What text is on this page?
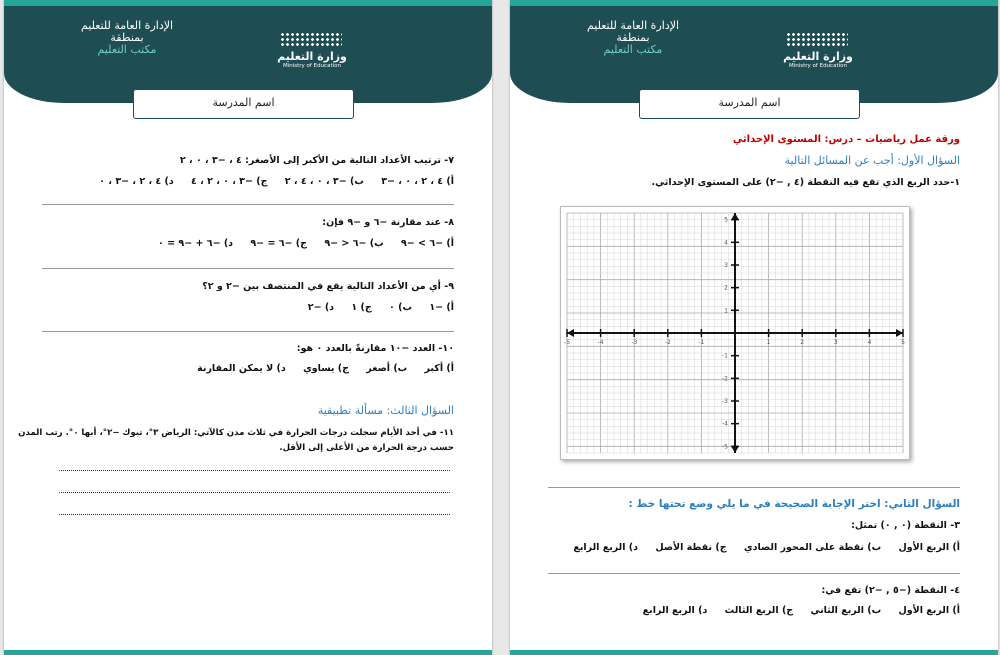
الإدارة العامة للتعليم
بمنطقة
مكتب التعليم
وزارة التعليم
Ministry of Education
اسم المدرسة
٧- ترتيب الأعداد التالية من الأكبر إلى الأصغر: ٤ ، −٣ ، ٠ ، ٢
أ) ٤ ، ٢ ، ٠ ، −٣ ب) −٣ ، ٠ ، ٤ ، ٢ ج) −٣ ، ٠ ، ٢ ، ٤ د) ٤ ، ٢ ، −٣ ، ٠
٨- عند مقارنة −٦ و −٩ فإن:
أ) −٦ > −٩ ب) −٦ < −٩ ج) −٦ = −٩ د) −٦ + −٩ = ٠
٩- أي من الأعداد التالية يقع في المنتصف بين −٢ و ٢؟
أ) −١ ب) ٠ ج) ١ د) −٢
١٠- العدد −١٠ مقارنةً بالعدد ٠ هو:
أ) أكبر ب) أصغر ج) يساوي د) لا يمكن المقارنة
السؤال الثالث: مسألة تطبيقية
١١- في أحد الأيام سجلت درجات الحرارة في ثلاث مدن كالآتي: الرياض ٣°، تبوك −٢°، أبها ٠°. رتب المدن
حسب درجة الحرارة من الأعلى إلى الأقل.
الإدارة العامة للتعليم
بمنطقة
مكتب التعليم
وزارة التعليم
Ministry of Education
اسم المدرسة
ورقة عمل رياضيات – درس: المستوى الإحداثي
السؤال الأول: أجب عن المسائل التالية
١-حدد الربع الذي تقع فيه النقطة (٤ , −٢) على المستوى الإحداثي.
-5	-4	-3	-2	-1	1	2	3	4	5
5
4
3
2
1
-1
-2
-3
-4
-5
السؤال الثاني: اختر الإجابة الصحيحة في ما يلي وضع تحتها خط :
٣- النقطة (٠ , ٠) تمثل:
أ) الربع الأول ب) نقطة على المحور الصادي ج) نقطة الأصل د) الربع الرابع
٤- النقطة (−٥ , −٢) تقع في:
أ) الربع الأول ب) الربع الثاني ج) الربع الثالث د) الربع الرابع
